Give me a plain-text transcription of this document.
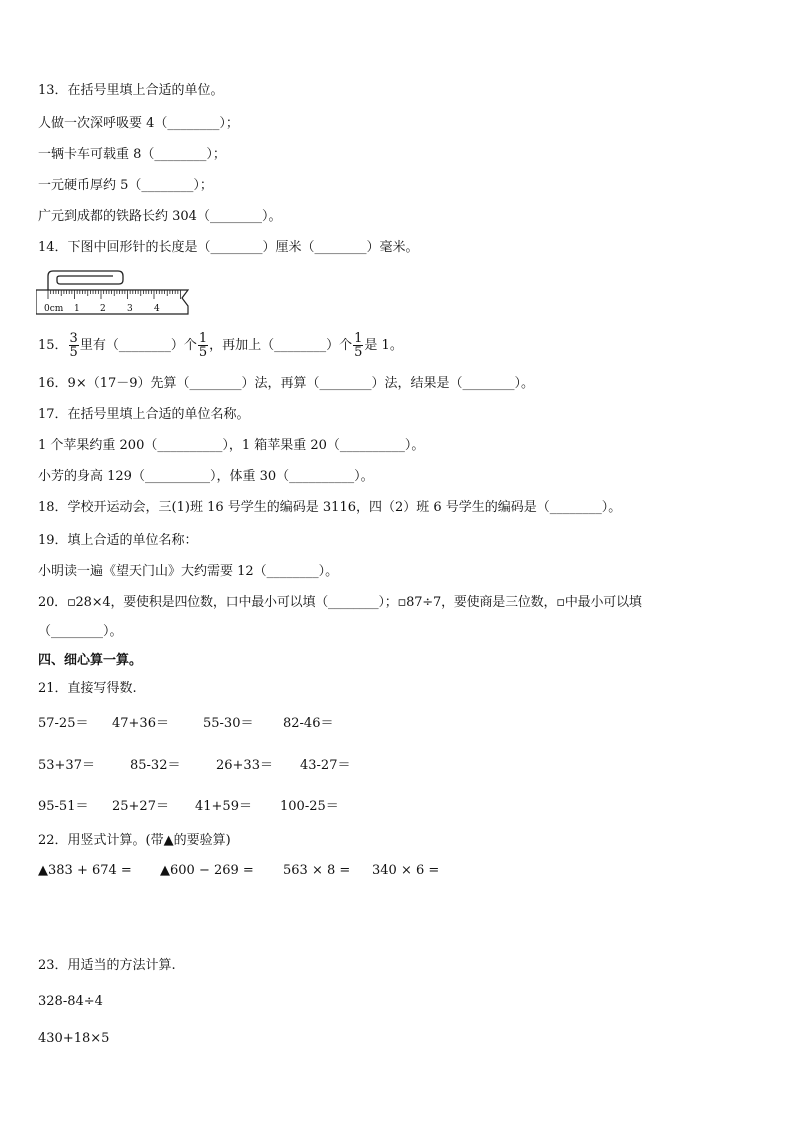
13．在括号里填上合适的单位。
人做一次深呼吸要 4（________）；
一辆卡车可载重 8（________）；
一元硬币厚约 5（________）；
广元到成都的铁路长约 304（________）。
14．下图中回形针的长度是（________）厘米（________）毫米。
0cm 1 2 3 4
15． $\frac{3}{5}$ 里有（________）个 $\frac{1}{5}$ ，再加上（________）个 $\frac{1}{5}$ 是 1。
16．9×（17－9）先算（________）法，再算（________）法，结果是（________）。
17．在括号里填上合适的单位名称。
1 个苹果约重 200（__________），1 箱苹果重 20（__________）。
小芳的身高 129（__________），体重 30（__________）。
18．学校开运动会，三(1)班 16 号学生的编码是 3116，四（2）班 6 号学生的编码是（________）。
19．填上合适的单位名称：
小明读一遍《望天门山》大约需要 12（________）。
20．▫28×4，要使积是四位数，口中最小可以填（________）；▫87÷7，要使商是三位数，▫中最小可以填
（________）。
四、细心算一算。
21．直接写得数.
57-25＝ 47+36＝	55-30＝ 82-46＝
53+37＝	85-32＝	26+33＝ 43-27＝
95-51＝ 25+27＝ 41+59＝ 100-25＝
22．用竖式计算。(带▲的要验算)
▲383 + 674 = ▲600 − 269 = 563 × 8 = 340 × 6 =
23．用适当的方法计算.
328-84÷4
430+18×5
